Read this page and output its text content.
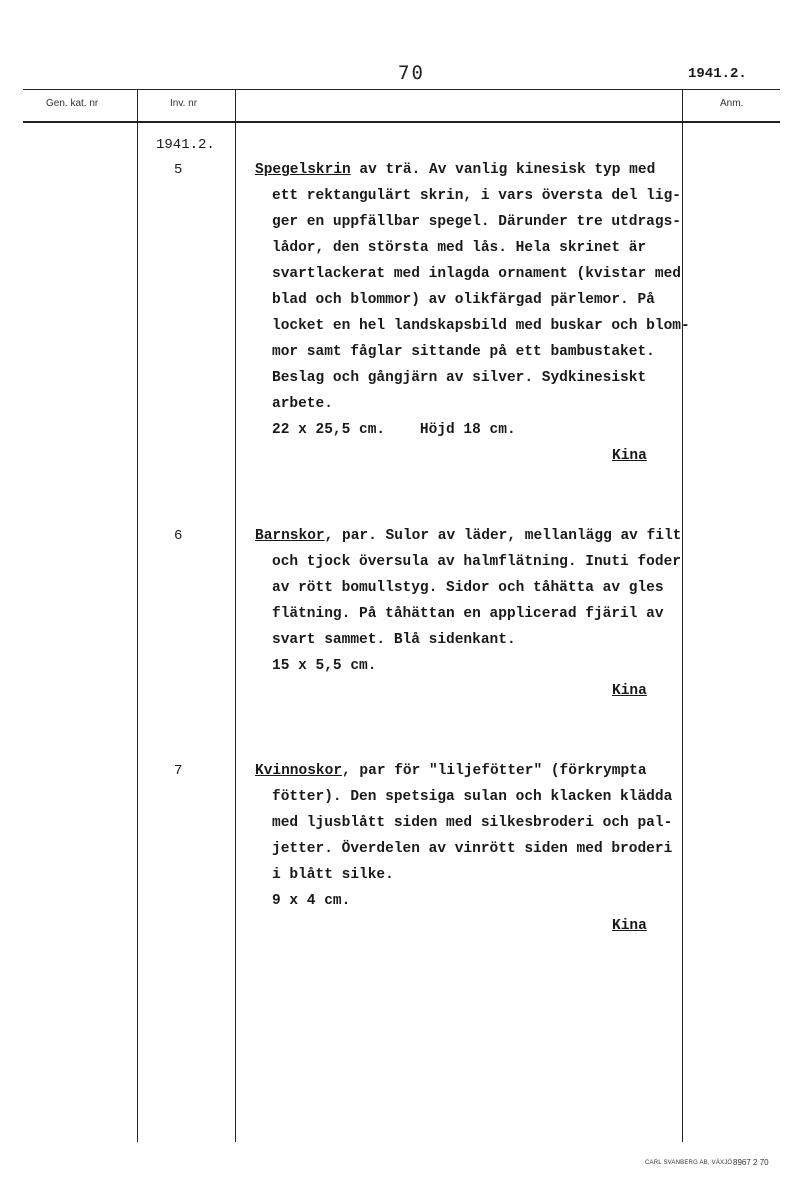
70	1941.2.
Gen. kat. nr	Inv. nr	Anm.
1941.2.
5	Spegelskrin av trä. Av vanlig kinesisk typ med
ett rektangulärt skrin, i vars översta del lig-
ger en uppfällbar spegel. Därunder tre utdrags-
lådor, den största med lås. Hela skrinet är
svartlackerat med inlagda ornament (kvistar med
blad och blommor) av olikfärgad pärlemor. På
locket en hel landskapsbild med buskar och blom-
mor samt fåglar sittande på ett bambustaket.
Beslag och gångjärn av silver. Sydkinesiskt
arbete.
22 x 25,5 cm.    Höjd 18 cm.
Kina
6	Barnskor, par. Sulor av läder, mellanlägg av filt
och tjock översula av halmflätning. Inuti foder
av rött bomullstyg. Sidor och tåhätta av gles
flätning. På tåhättan en applicerad fjäril av
svart sammet. Blå sidenkant.
15 x 5,5 cm.
Kina
7	Kvinnoskor, par för "liljefötter" (förkrympta
fötter). Den spetsiga sulan och klacken klädda
med ljusblått siden med silkesbroderi och pal-
jetter. Överdelen av vinrött siden med broderi
i blått silke.
9 x 4 cm.
Kina
CARL SVANBERG AB, VÄXJÖ 8967 2 70
